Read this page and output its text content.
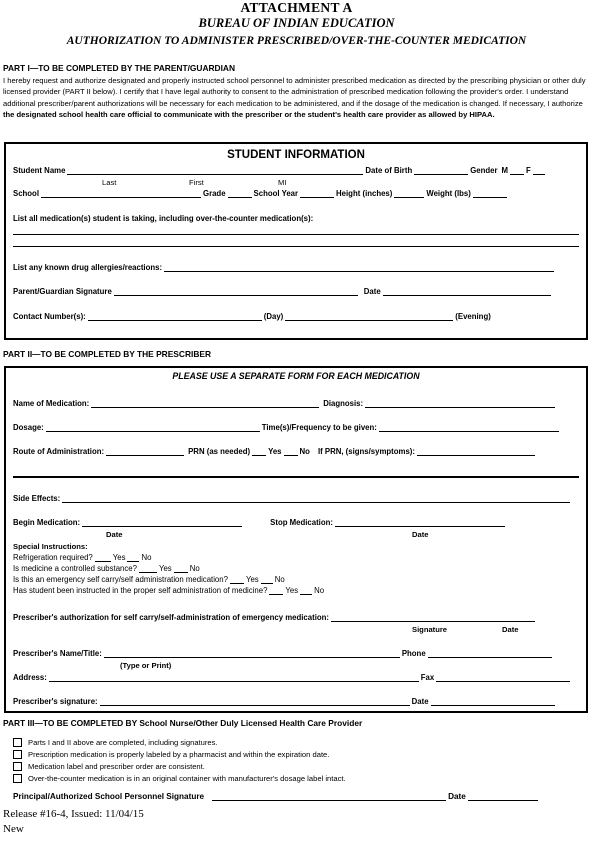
ATTACHMENT A
BUREAU OF INDIAN EDUCATION
AUTHORIZATION TO ADMINISTER PRESCRIBED/OVER-THE-COUNTER MEDICATION
PART I—TO BE COMPLETED BY THE PARENT/GUARDIAN
I hereby request and authorize designated and properly instructed school personnel to administer prescribed medication as directed by the prescribing physician or other duly licensed provider (PART II below). I certify that I have legal authority to consent to the administration of prescribed medication following the provider's order. I understand additional prescriber/parent authorizations will be necessary for each medication to be administered, and if the dosage of the medication is changed. If necessary, I authorize the designated school health care official to communicate with the prescriber or the student's health care provider as allowed by HIPAA.
STUDENT INFORMATION
Student Name	Date of Birth	Gender M F
Last	First	MI
School	Grade	School Year	Height (inches)	Weight (lbs)
List all medication(s) student is taking, including over-the-counter medication(s):
List any known drug allergies/reactions:
Parent/Guardian Signature	Date
Contact Number(s):	(Day)	(Evening)
PART II—TO BE COMPLETED BY THE PRESCRIBER
PLEASE USE A SEPARATE FORM FOR EACH MEDICATION
Name of Medication:	Diagnosis:
Dosage:	Time(s)/Frequency to be given:
Route of Administration:	PRN (as needed) Yes No If PRN, (signs/symptoms):
Side Effects:
Begin Medication:	Stop Medication:
Date	Date
Special Instructions:
Refrigeration required?	Yes No
Is medicine a controlled substance?	Yes No
Is this an emergency self carry/self administration medication? Yes No
Has student been instructed in the proper self administration of medicine? Yes No
Prescriber's authorization for self carry/self-administration of emergency medication:
Signature	Date
Prescriber's Name/Title:	Phone
(Type or Print)
Address:	Fax
Prescriber's signature:	Date
PART III—TO BE COMPLETED BY School Nurse/Other Duly Licensed Health Care Provider
Parts I and II above are completed, including signatures.
Prescription medication is properly labeled by a pharmacist and within the expiration date.
Medication label and prescriber order are consistent.
Over-the-counter medication is in an original container with manufacturer's dosage label intact.
Principal/Authorized School Personnel Signature	Date
Release #16-4, Issued: 11/04/15
New
